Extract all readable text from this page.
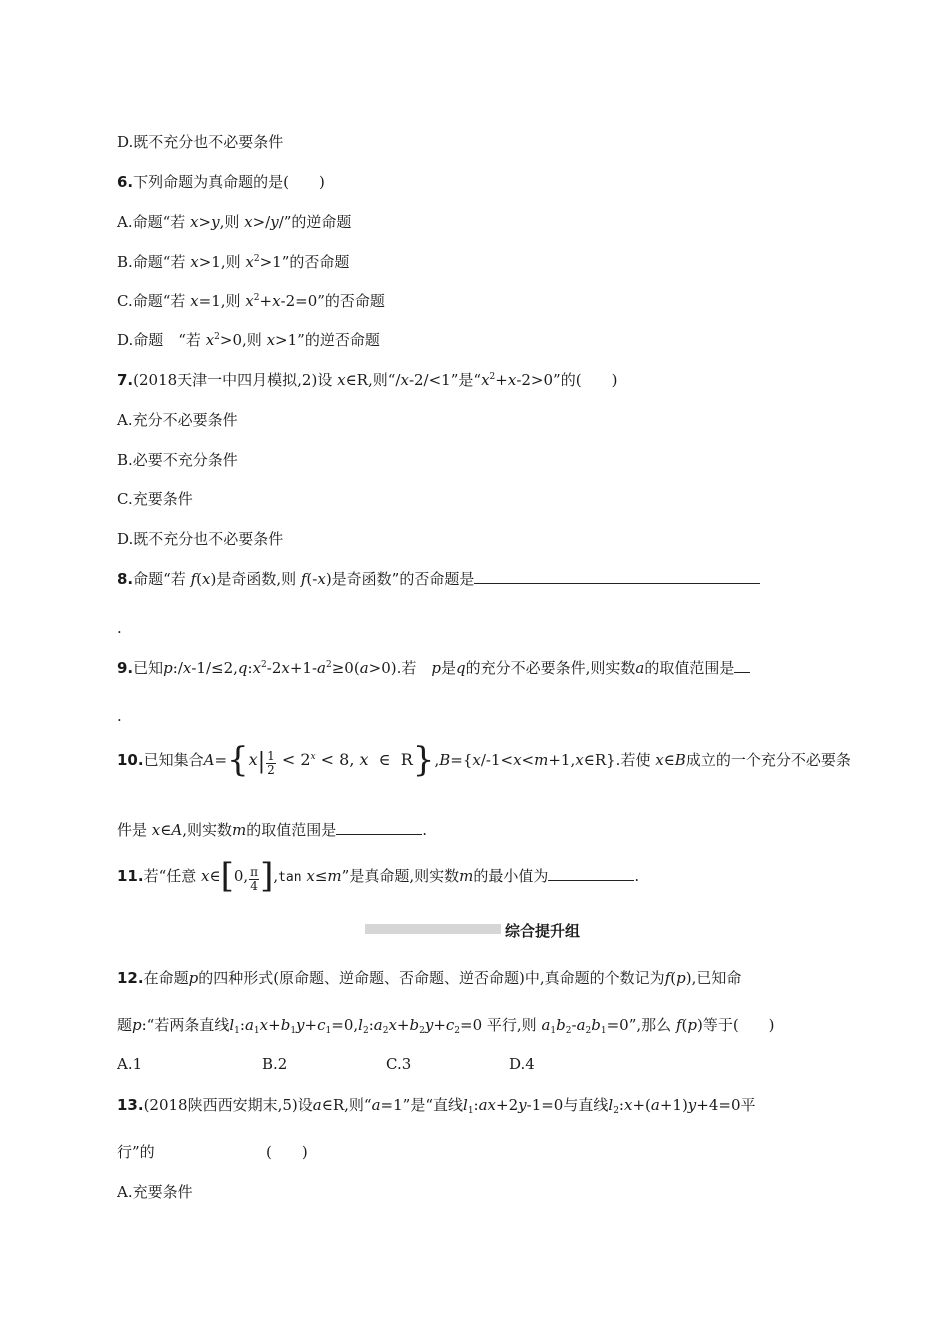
D.既不充分也不必要条件
6.下列命题为真命题的是(　　)
A.命题“若 x>y,则 x>/y/”的逆命题
B.命题“若 x>1,则 $x^2>1$”的否命题
C.命题“若 x=1,则 $x^2+x-2=0$”的否命题
D.命题　“若 $x^2>0$,则 x>1”的逆否命题
7.(2018天津一中四月模拟,2)设 x∈R,则“/x-2/<1”是“$x^2+x-2>0$”的(　　)
A.充分不必要条件
B.必要不充分条件
C.充要条件
D.既不充分也不必要条件
8.命题“若 f(x)是奇函数,则 f(-x)是奇函数”的否命题是
.
9.已知$p:/x-1/\le 2,q:x^2-2x+1-a^2\ge 0(a>0)$.若　p是q的充分不必要条件,则实数a的取值范围是
.
10.已知集合$A=\{x| \frac{1}{2} < 2^x < 8$, x  ∈  R},B={x/-1<x<m+1,x∈R}.若使 x∈B成立的一个充分不必要条
件是 x∈A,则实数m的取值范围是	.
11.若“任意 x∈[0, $\frac{\pi}{4} ],\tan$ x≤m”是真命题,则实数m的最小值为	.
综合提升组
12.在命题p的四种形式(原命题、逆命题、否命题、逆否命题)中,真命题的个数记为f(p),已知命
题p:“若两条直线$l_1:a_1x+b_1y+c_1=0,l_2:a_2x+b_2y+c_2=0$ 平行,则 $a_1b_2-a_2b_1=0$”,那么 f(p)等于(　　)
A.1	B.2	C.3	D.4
13.(2018陕西西安期末,5)设a∈R,则“a=1”是“直线$l_1:ax+2y-1=0$与直线$l_2:x+(a+1)y+4=0$平
行”的	(　　)
A.充要条件
